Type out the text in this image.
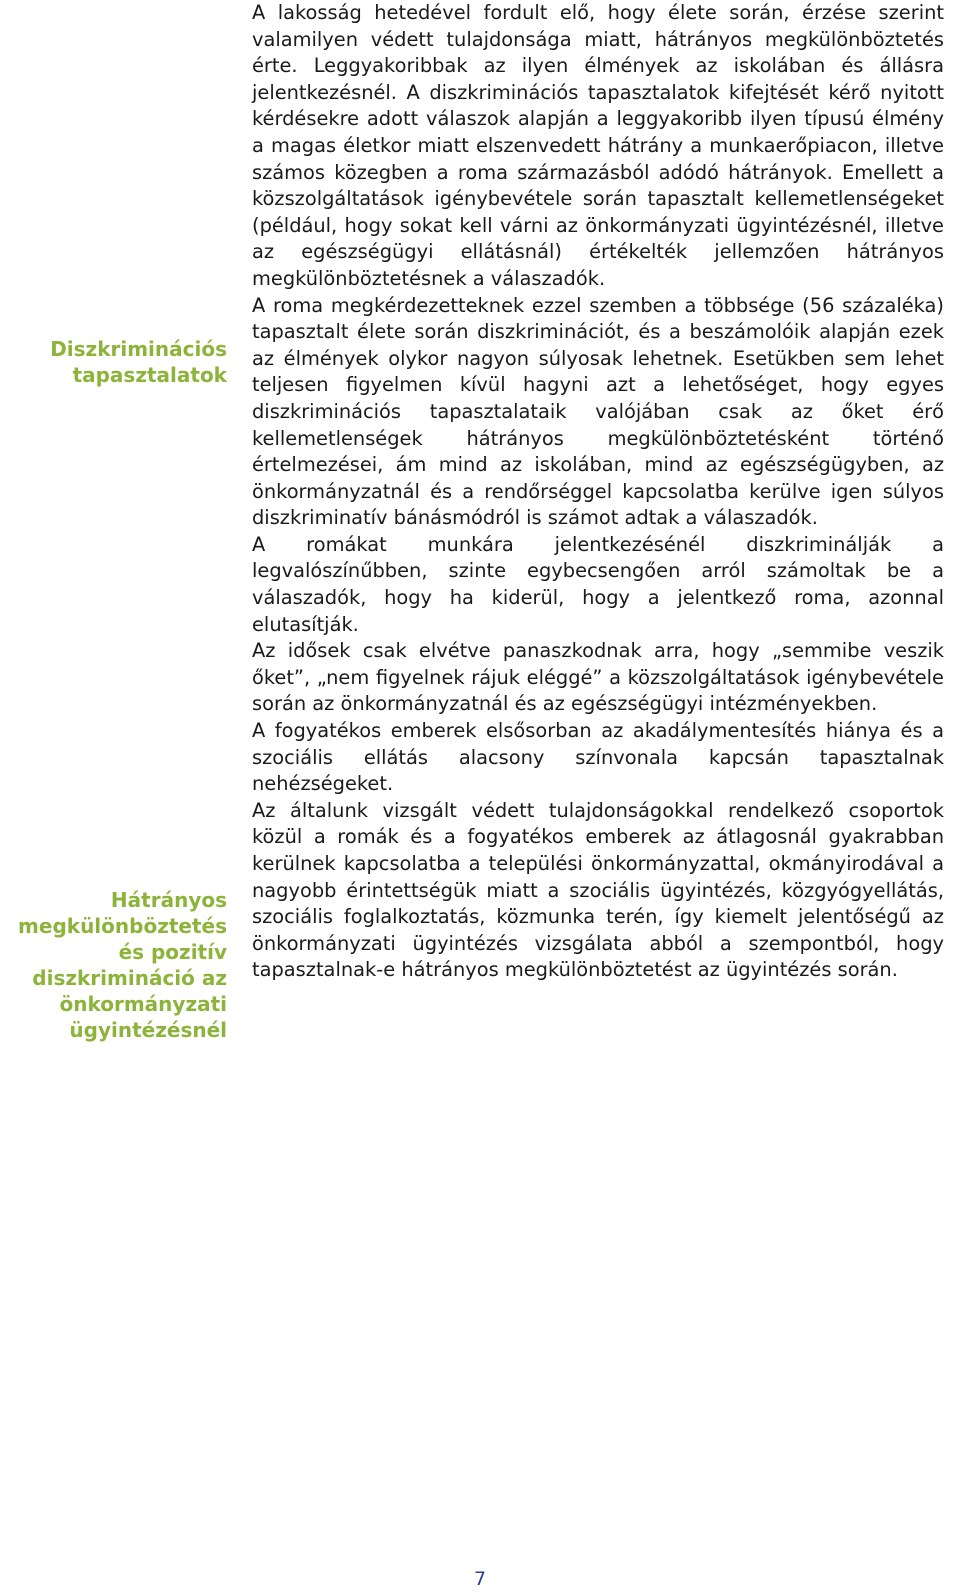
Diszkriminációs tapasztalatok
Hátrányos megkülönböztetés és pozitív diszkrimináció az önkormányzati ügyintézésnél

A lakosság hetedével fordult elő, hogy élete során, érzése szerint valamilyen védett tulajdonsága miatt, hátrányos megkülönböztetés érte. Leggyakoribbak az ilyen élmények az iskolában és állásra jelentkezésnél. A diszkriminációs tapasztalatok kifejtését kérő nyitott kérdésekre adott válaszok alapján a leggyakoribb ilyen típusú élmény a magas életkor miatt elszenvedett hátrány a munkaerőpiacon, illetve számos közegben a roma származásból adódó hátrányok. Emellett a közszolgáltatások igénybevétele során tapasztalt kellemetlenségeket (például, hogy sokat kell várni az önkormányzati ügyintézésnél, illetve az egészségügyi ellátásnál) értékelték jellemzően hátrányos megkülönböztetésnek a válaszadók.

A roma megkérdezetteknek ezzel szemben a többsége (56 százaléka) tapasztalt élete során diszkriminációt, és a beszámolóik alapján ezek az élmények olykor nagyon súlyosak lehetnek. Esetükben sem lehet teljesen figyelmen kívül hagyni azt a lehetőséget, hogy egyes diszkriminációs tapasztalataik valójában csak az őket érő kellemetlenségek hátrányos megkülönböztetésként történő értelmezései, ám mind az iskolában, mind az egészségügyben, az önkormányzatnál és a rendőrséggel kapcsolatba kerülve igen súlyos diszkriminatív bánásmódról is számot adtak a válaszadók.

A romákat munkára jelentkezésénél diszkriminálják a legvalószínűbben, szinte egybecsengően arról számoltak be a válaszadók, hogy ha kiderül, hogy a jelentkező roma, azonnal elutasítják.

Az idősek csak elvétve panaszkodnak arra, hogy „semmibe veszik őket”, „nem figyelnek rájuk eléggé” a közszolgáltatások igénybevétele során az önkormányzatnál és az egészségügyi intézményekben.

A fogyatékos emberek elsősorban az akadálymentesítés hiánya és a szociális ellátás alacsony színvonala kapcsán tapasztalnak nehézségeket.

Az általunk vizsgált védett tulajdonságokkal rendelkező csoportok közül a romák és a fogyatékos emberek az átlagosnál gyakrabban kerülnek kapcsolatba a települési önkormányzattal, okmányirodával a nagyobb érintettségük miatt a szociális ügyintézés, közgyógyellátás, szociális foglalkoztatás, közmunka terén, így kiemelt jelentőségű az önkormányzati ügyintézés vizsgálata abból a szempontból, hogy tapasztalnak-e hátrányos megkülönböztetést az ügyintézés során.

7
